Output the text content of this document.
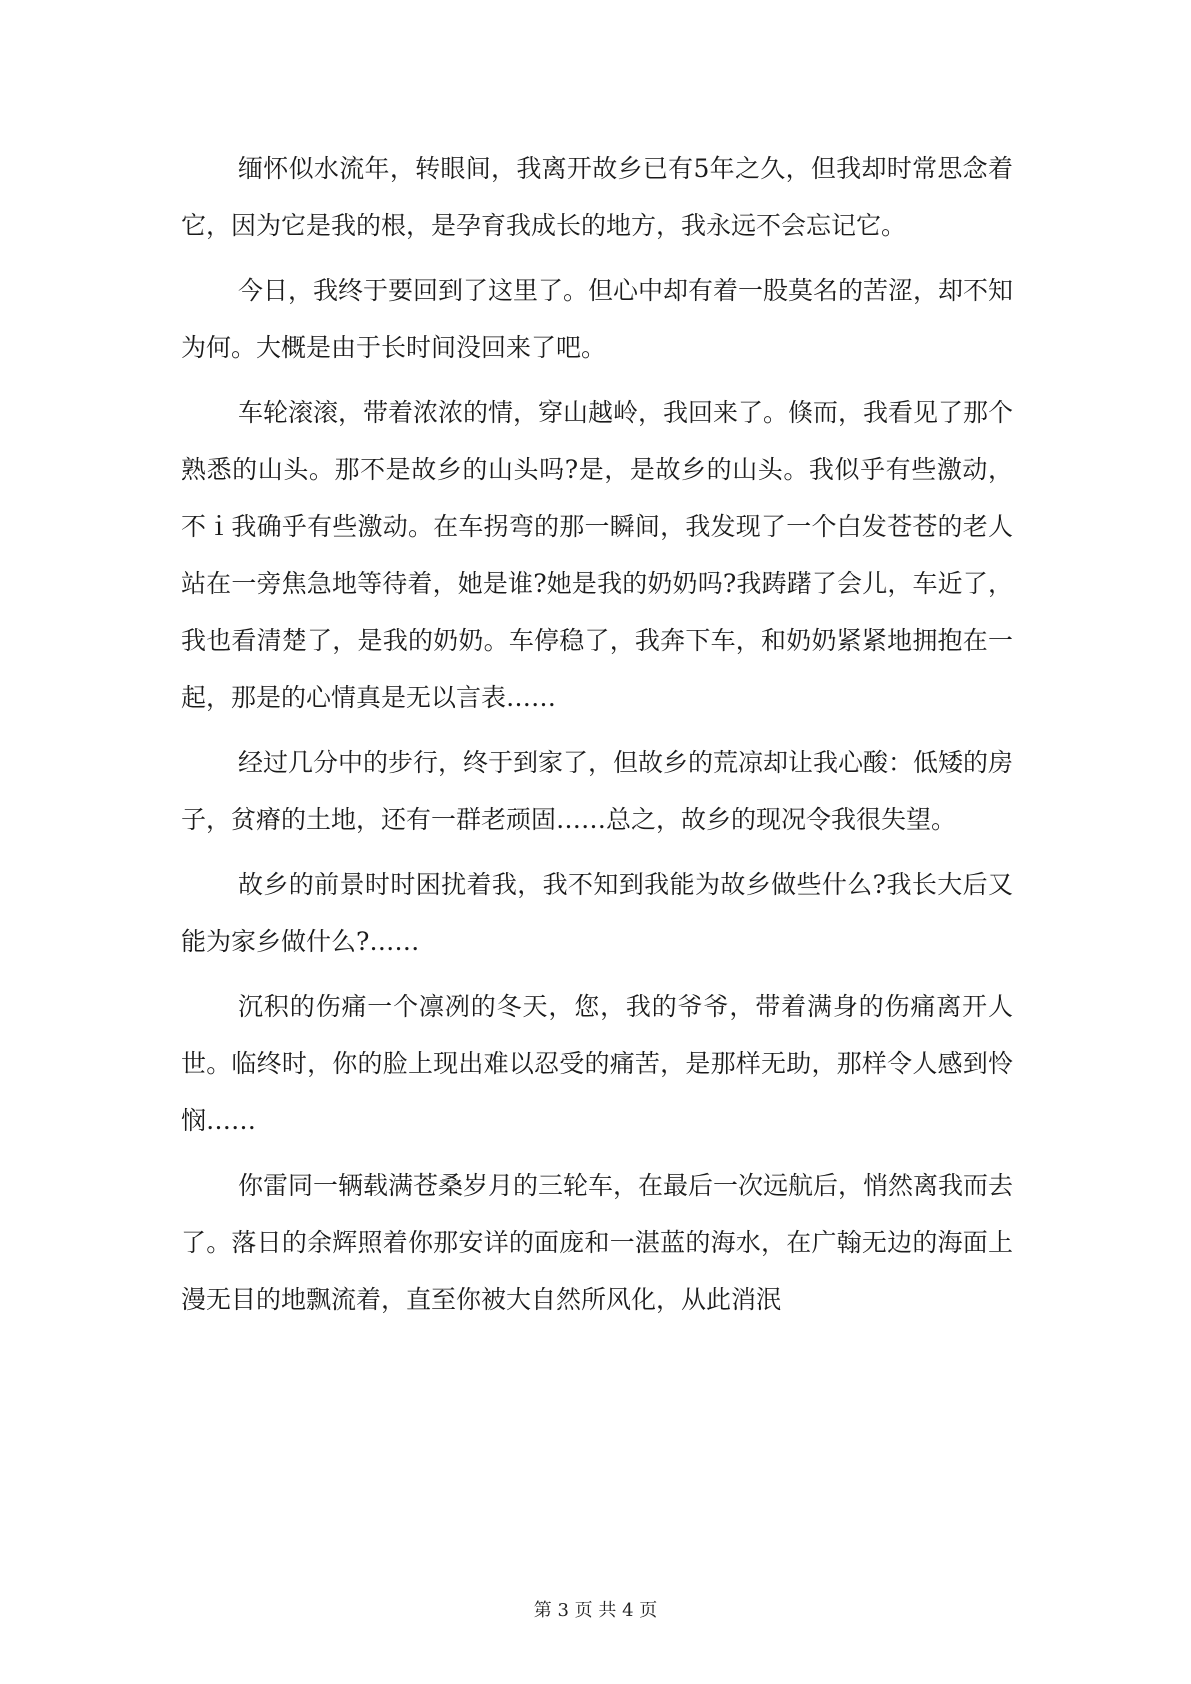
缅怀似水流年，转眼间，我离开故乡已有5年之久，但我却时常思念着它，因为它是我的根，是孕育我成长的地方，我永远不会忘记它。

今日，我终于要回到了这里了。但心中却有着一股莫名的苦涩，却不知为何。大概是由于长时间没回来了吧。

车轮滚滚，带着浓浓的情，穿山越岭，我回来了。倏而，我看见了那个熟悉的山头。那不是故乡的山头吗?是，是故乡的山头。我似乎有些激动，不ｉ我确乎有些激动。在车拐弯的那一瞬间，我发现了一个白发苍苍的老人站在一旁焦急地等待着，她是谁?她是我的奶奶吗?我踌躇了会儿，车近了，我也看清楚了，是我的奶奶。车停稳了，我奔下车，和奶奶紧紧地拥抱在一起，那是的心情真是无以言表……

经过几分中的步行，终于到家了，但故乡的荒凉却让我心酸：低矮的房子，贫瘠的土地，还有一群老顽固……总之，故乡的现况令我很失望。

故乡的前景时时困扰着我，我不知到我能为故乡做些什么?我长大后又能为家乡做什么?……

沉积的伤痛一个凛冽的冬天，您，我的爷爷，带着满身的伤痛离开人世。临终时，你的脸上现出难以忍受的痛苦，是那样无助，那样令人感到怜悯……

你雷同一辆载满苍桑岁月的三轮车，在最后一次远航后，悄然离我而去了。落日的余辉照着你那安详的面庞和一湛蓝的海水，在广翰无边的海面上漫无目的地飘流着，直至你被大自然所风化，从此消泯

第 3 页 共 4 页
